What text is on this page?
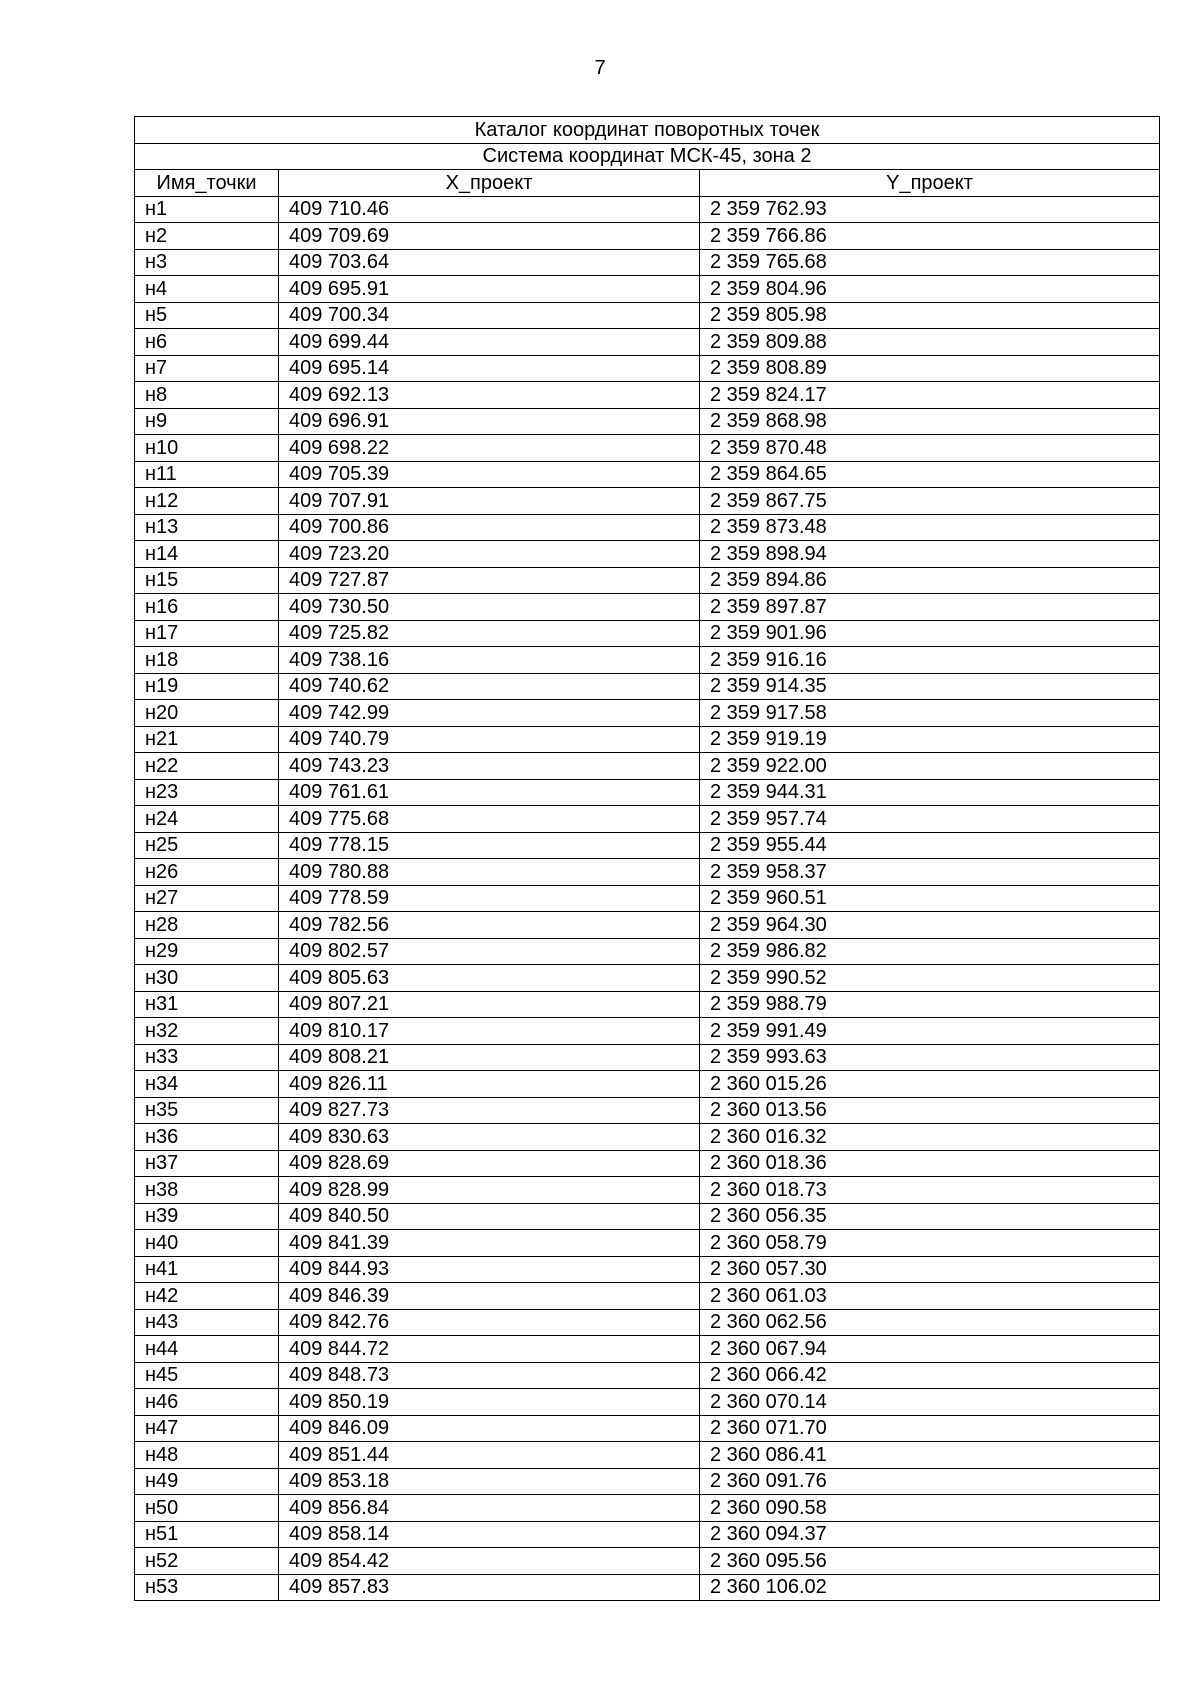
7
Каталог координат поворотных точек		
Система координат МСК-45, зона 2		
Имя_точки	X_проект	Y_проект
н1	409 710.46	2 359 762.93
н2	409 709.69	2 359 766.86
н3	409 703.64	2 359 765.68
н4	409 695.91	2 359 804.96
н5	409 700.34	2 359 805.98
н6	409 699.44	2 359 809.88
н7	409 695.14	2 359 808.89
н8	409 692.13	2 359 824.17
н9	409 696.91	2 359 868.98
н10	409 698.22	2 359 870.48
н11	409 705.39	2 359 864.65
н12	409 707.91	2 359 867.75
н13	409 700.86	2 359 873.48
н14	409 723.20	2 359 898.94
н15	409 727.87	2 359 894.86
н16	409 730.50	2 359 897.87
н17	409 725.82	2 359 901.96
н18	409 738.16	2 359 916.16
н19	409 740.62	2 359 914.35
н20	409 742.99	2 359 917.58
н21	409 740.79	2 359 919.19
н22	409 743.23	2 359 922.00
н23	409 761.61	2 359 944.31
н24	409 775.68	2 359 957.74
н25	409 778.15	2 359 955.44
н26	409 780.88	2 359 958.37
н27	409 778.59	2 359 960.51
н28	409 782.56	2 359 964.30
н29	409 802.57	2 359 986.82
н30	409 805.63	2 359 990.52
н31	409 807.21	2 359 988.79
н32	409 810.17	2 359 991.49
н33	409 808.21	2 359 993.63
н34	409 826.11	2 360 015.26
н35	409 827.73	2 360 013.56
н36	409 830.63	2 360 016.32
н37	409 828.69	2 360 018.36
н38	409 828.99	2 360 018.73
н39	409 840.50	2 360 056.35
н40	409 841.39	2 360 058.79
н41	409 844.93	2 360 057.30
н42	409 846.39	2 360 061.03
н43	409 842.76	2 360 062.56
н44	409 844.72	2 360 067.94
н45	409 848.73	2 360 066.42
н46	409 850.19	2 360 070.14
н47	409 846.09	2 360 071.70
н48	409 851.44	2 360 086.41
н49	409 853.18	2 360 091.76
н50	409 856.84	2 360 090.58
н51	409 858.14	2 360 094.37
н52	409 854.42	2 360 095.56
н53	409 857.83	2 360 106.02
